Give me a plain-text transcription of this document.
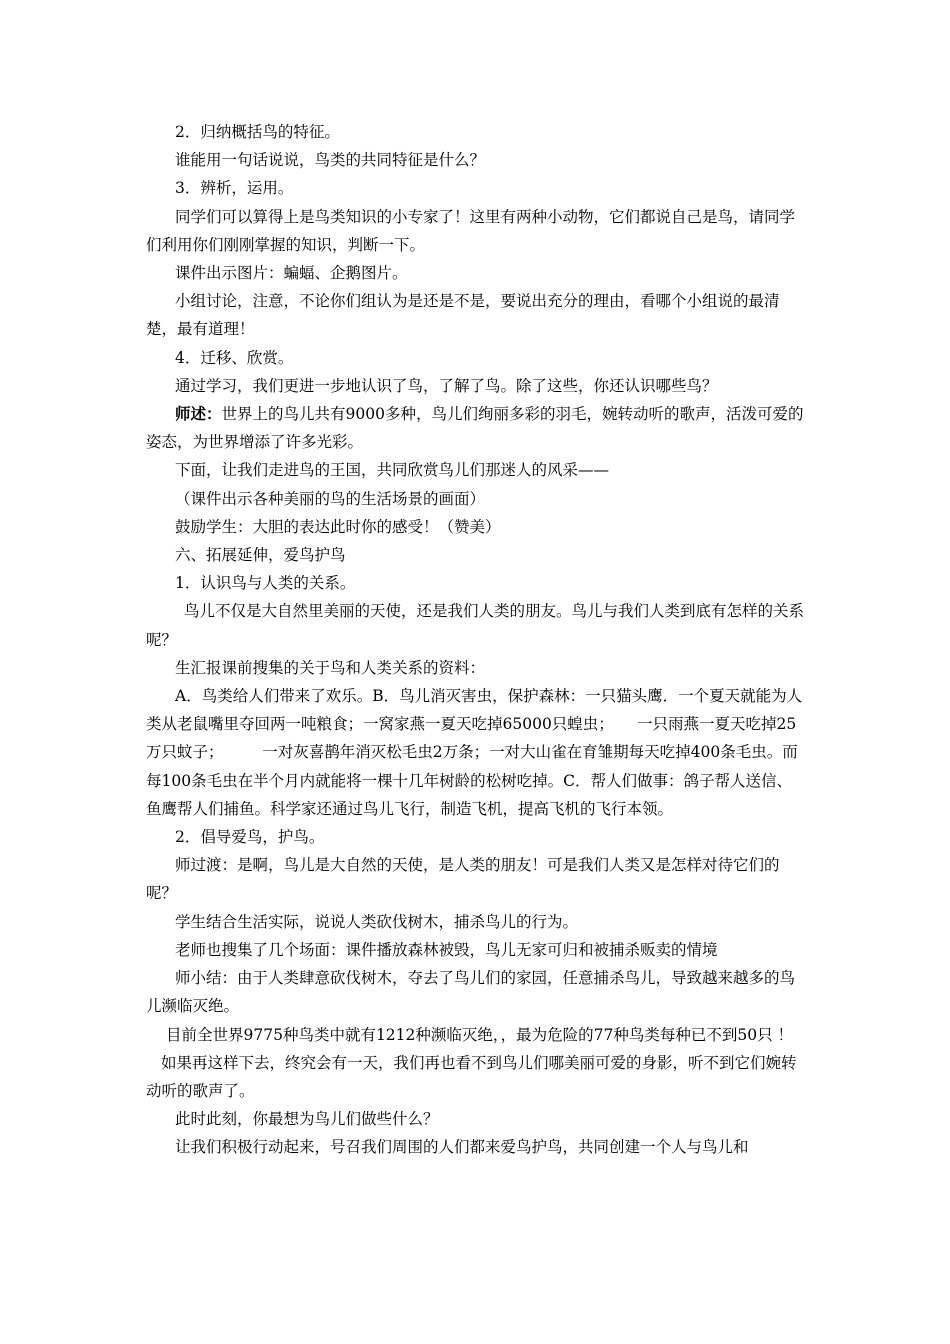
2．归纳概括鸟的特征。

谁能用一句话说说，鸟类的共同特征是什么？

3．辨析，运用。

同学们可以算得上是鸟类知识的小专家了！这里有两种小动物，它们都说自己是鸟，请同学们利用你们刚刚掌握的知识，判断一下。

课件出示图片：蝙蝠、企鹅图片。

小组讨论，注意，不论你们组认为是还是不是，要说出充分的理由，看哪个小组说的最清楚，最有道理！

4．迁移、欣赏。

通过学习，我们更进一步地认识了鸟，了解了鸟。除了这些，你还认识哪些鸟？

师述：世界上的鸟儿共有9000多种，鸟儿们绚丽多彩的羽毛，婉转动听的歌声，活泼可爱的姿态，为世界增添了许多光彩。

下面，让我们走进鸟的王国，共同欣赏鸟儿们那迷人的风采——

（课件出示各种美丽的鸟的生活场景的画面）

鼓励学生：大胆的表达此时你的感受！（赞美）

六、拓展延伸，爱鸟护鸟

1．认识鸟与人类的关系。

鸟儿不仅是大自然里美丽的天使，还是我们人类的朋友。鸟儿与我们人类到底有怎样的关系呢？

生汇报课前搜集的关于鸟和人类关系的资料：

A．鸟类给人们带来了欢乐。B．鸟儿消灭害虫，保护森林：一只猫头鹰．一个夏天就能为人类从老鼠嘴里夺回两一吨粮食；一窝家燕一夏天吃掉65000只蝗虫；　　一只雨燕一夏天吃掉25万只蚊子；　　　一对灰喜鹊年消灭松毛虫2万条；一对大山雀在育雏期每天吃掉400条毛虫。而每100条毛虫在半个月内就能将一棵十几年树龄的松树吃掉。C．帮人们做事：鸽子帮人送信、鱼鹰帮人们捕鱼。科学家还通过鸟儿飞行，制造飞机，提高飞机的飞行本领。

2．倡导爱鸟，护鸟。

师过渡：是啊，鸟儿是大自然的天使，是人类的朋友！可是我们人类又是怎样对待它们的呢？

学生结合生活实际，说说人类砍伐树木，捕杀鸟儿的行为。

老师也搜集了几个场面：课件播放森林被毁，鸟儿无家可归和被捕杀贩卖的情境

师小结：由于人类肆意砍伐树木，夺去了鸟儿们的家园，任意捕杀鸟儿，导致越来越多的鸟儿濒临灭绝。

目前全世界9775种鸟类中就有1212种濒临灭绝，，最为危险的77种鸟类每种已不到50只 ！

如果再这样下去，终究会有一天，我们再也看不到鸟儿们哪美丽可爱的身影，听不到它们婉转动听的歌声了。

此时此刻，你最想为鸟儿们做些什么？

让我们积极行动起来，号召我们周围的人们都来爱鸟护鸟，共同创建一个人与鸟儿和
